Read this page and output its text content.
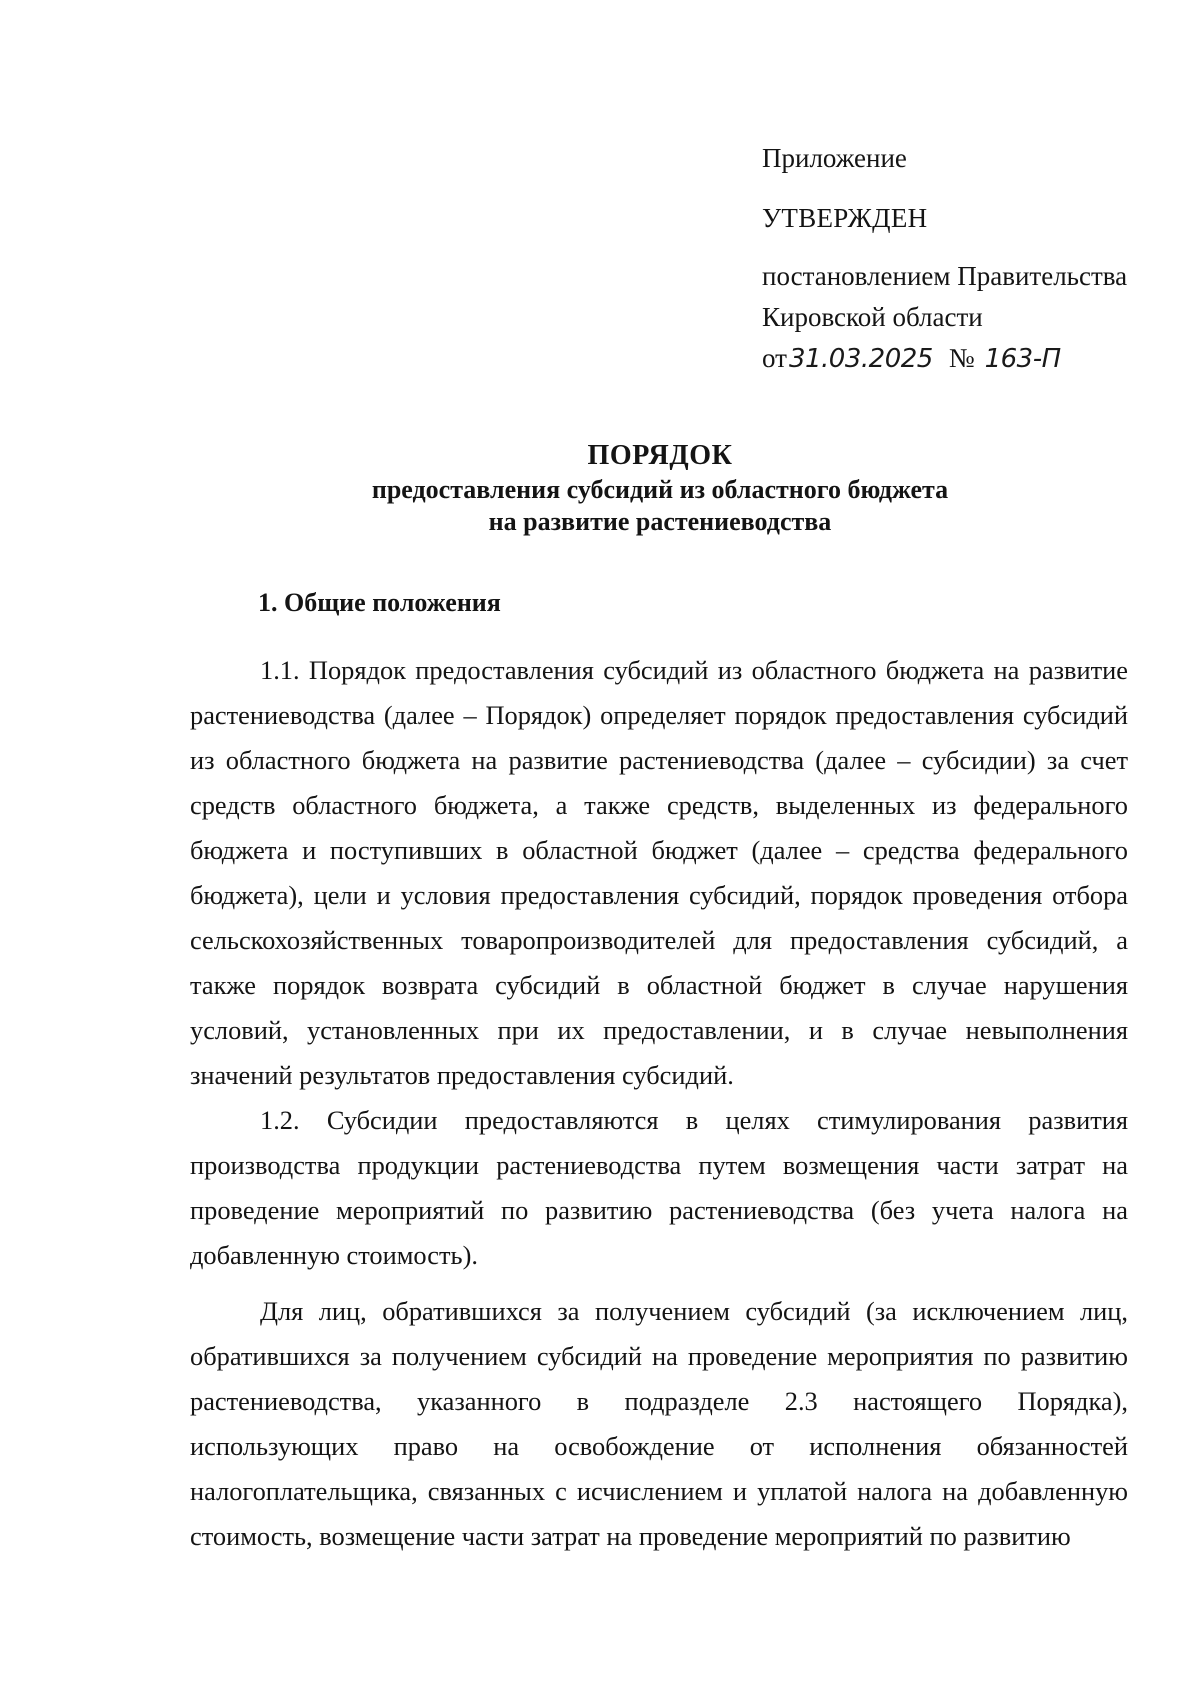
Приложение
УТВЕРЖДЕН
постановлением Правительства
Кировской области
от31.03.2025 № 163-П
ПОРЯДОК
предоставления субсидий из областного бюджета
на развитие растениеводства
1. Общие положения

1.1. Порядок предоставления субсидий из областного бюджета на развитие растениеводства (далее – Порядок) определяет порядок предоставления субсидий из областного бюджета на развитие растениеводства (далее – субсидии) за счет средств областного бюджета, а также средств, выделенных из федерального бюджета и поступивших в областной бюджет (далее – средства федерального бюджета), цели и условия предоставления субсидий, порядок проведения отбора сельскохозяйственных товаропроизводителей для предоставления субсидий, а также порядок возврата субсидий в областной бюджет в случае нарушения условий, установленных при их предоставлении, и в случае невыполнения значений результатов предоставления субсидий.

1.2. Субсидии предоставляются в целях стимулирования развития производства продукции растениеводства путем возмещения части затрат на проведение мероприятий по развитию растениеводства (без учета налога на добавленную стоимость).

Для лиц, обратившихся за получением субсидий (за исключением лиц, обратившихся за получением субсидий на проведение мероприятия по развитию растениеводства, указанного в подразделе 2.3 настоящего Порядка), использующих право на освобождение от исполнения обязанностей налогоплательщика, связанных с исчислением и уплатой налога на добавленную стоимость, возмещение части затрат на проведение мероприятий по развитию
